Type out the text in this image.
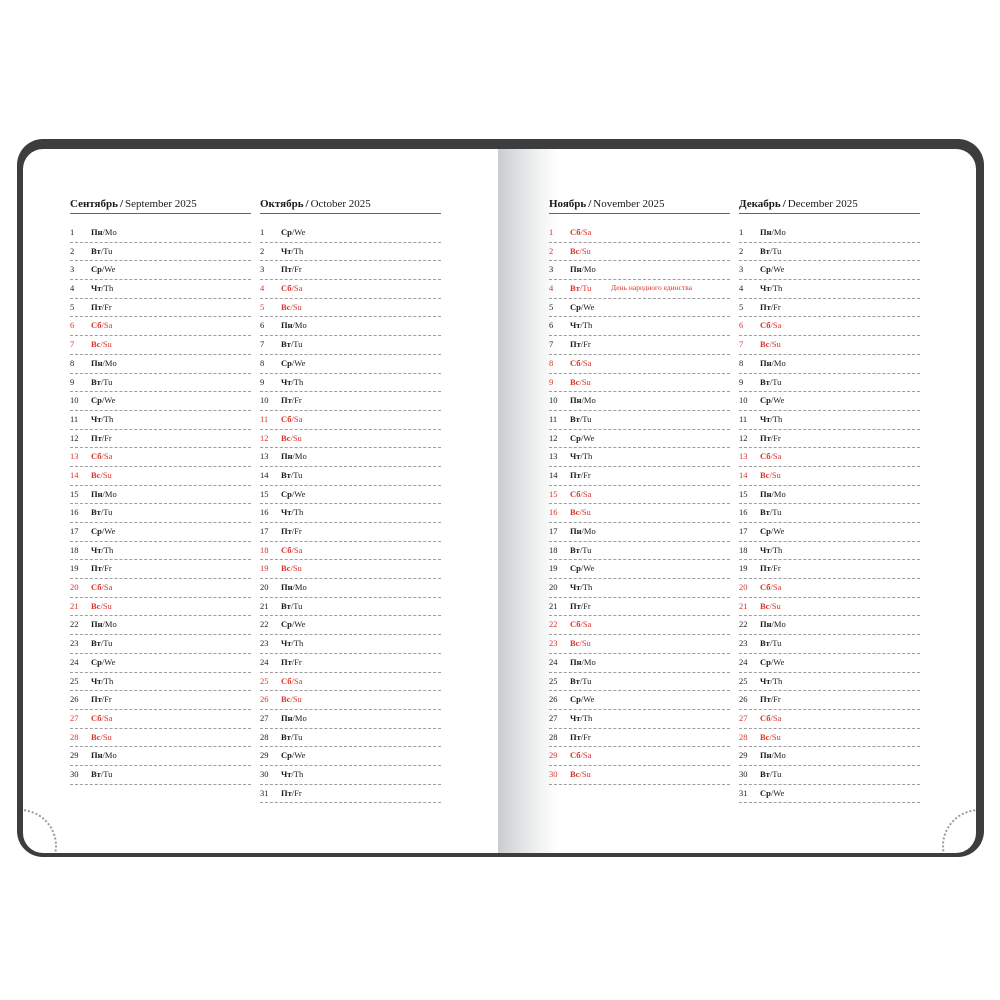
Сентябрь / September 2025
1	Пн/Mo
2	Вт/Tu
3	Ср/We
4	Чт/Th
5	Пт/Fr
6	Сб/Sa
7	Вс/Su
8	Пн/Mo
9	Вт/Tu
10	Ср/We
11	Чт/Th
12	Пт/Fr
13	Сб/Sa
14	Вс/Su
15	Пн/Mo
16	Вт/Tu
17	Ср/We
18	Чт/Th
19	Пт/Fr
20	Сб/Sa
21	Вс/Su
22	Пн/Mo
23	Вт/Tu
24	Ср/We
25	Чт/Th
26	Пт/Fr
27	Сб/Sa
28	Вс/Su
29	Пн/Mo
30	Вт/Tu
Октябрь / October 2025
1	Ср/We
2	Чт/Th
3	Пт/Fr
4	Сб/Sa
5	Вс/Su
6	Пн/Mo
7	Вт/Tu
8	Ср/We
9	Чт/Th
10	Пт/Fr
11	Сб/Sa
12	Вс/Su
13	Пн/Mo
14	Вт/Tu
15	Ср/We
16	Чт/Th
17	Пт/Fr
18	Сб/Sa
19	Вс/Su
20	Пн/Mo
21	Вт/Tu
22	Ср/We
23	Чт/Th
24	Пт/Fr
25	Сб/Sa
26	Вс/Su
27	Пн/Mo
28	Вт/Tu
29	Ср/We
30	Чт/Th
31	Пт/Fr
Ноябрь / November 2025
1	Сб/Sa
2	Вс/Su
3	Пн/Mo
4	Вт/Tu	День народного единства
5	Ср/We
6	Чт/Th
7	Пт/Fr
8	Сб/Sa
9	Вс/Su
10	Пн/Mo
11	Вт/Tu
12	Ср/We
13	Чт/Th
14	Пт/Fr
15	Сб/Sa
16	Вс/Su
17	Пн/Mo
18	Вт/Tu
19	Ср/We
20	Чт/Th
21	Пт/Fr
22	Сб/Sa
23	Вс/Su
24	Пн/Mo
25	Вт/Tu
26	Ср/We
27	Чт/Th
28	Пт/Fr
29	Сб/Sa
30	Вс/Su
Декабрь / December 2025
1	Пн/Mo
2	Вт/Tu
3	Ср/We
4	Чт/Th
5	Пт/Fr
6	Сб/Sa
7	Вс/Su
8	Пн/Mo
9	Вт/Tu
10	Ср/We
11	Чт/Th
12	Пт/Fr
13	Сб/Sa
14	Вс/Su
15	Пн/Mo
16	Вт/Tu
17	Ср/We
18	Чт/Th
19	Пт/Fr
20	Сб/Sa
21	Вс/Su
22	Пн/Mo
23	Вт/Tu
24	Ср/We
25	Чт/Th
26	Пт/Fr
27	Сб/Sa
28	Вс/Su
29	Пн/Mo
30	Вт/Tu
31	Ср/We
